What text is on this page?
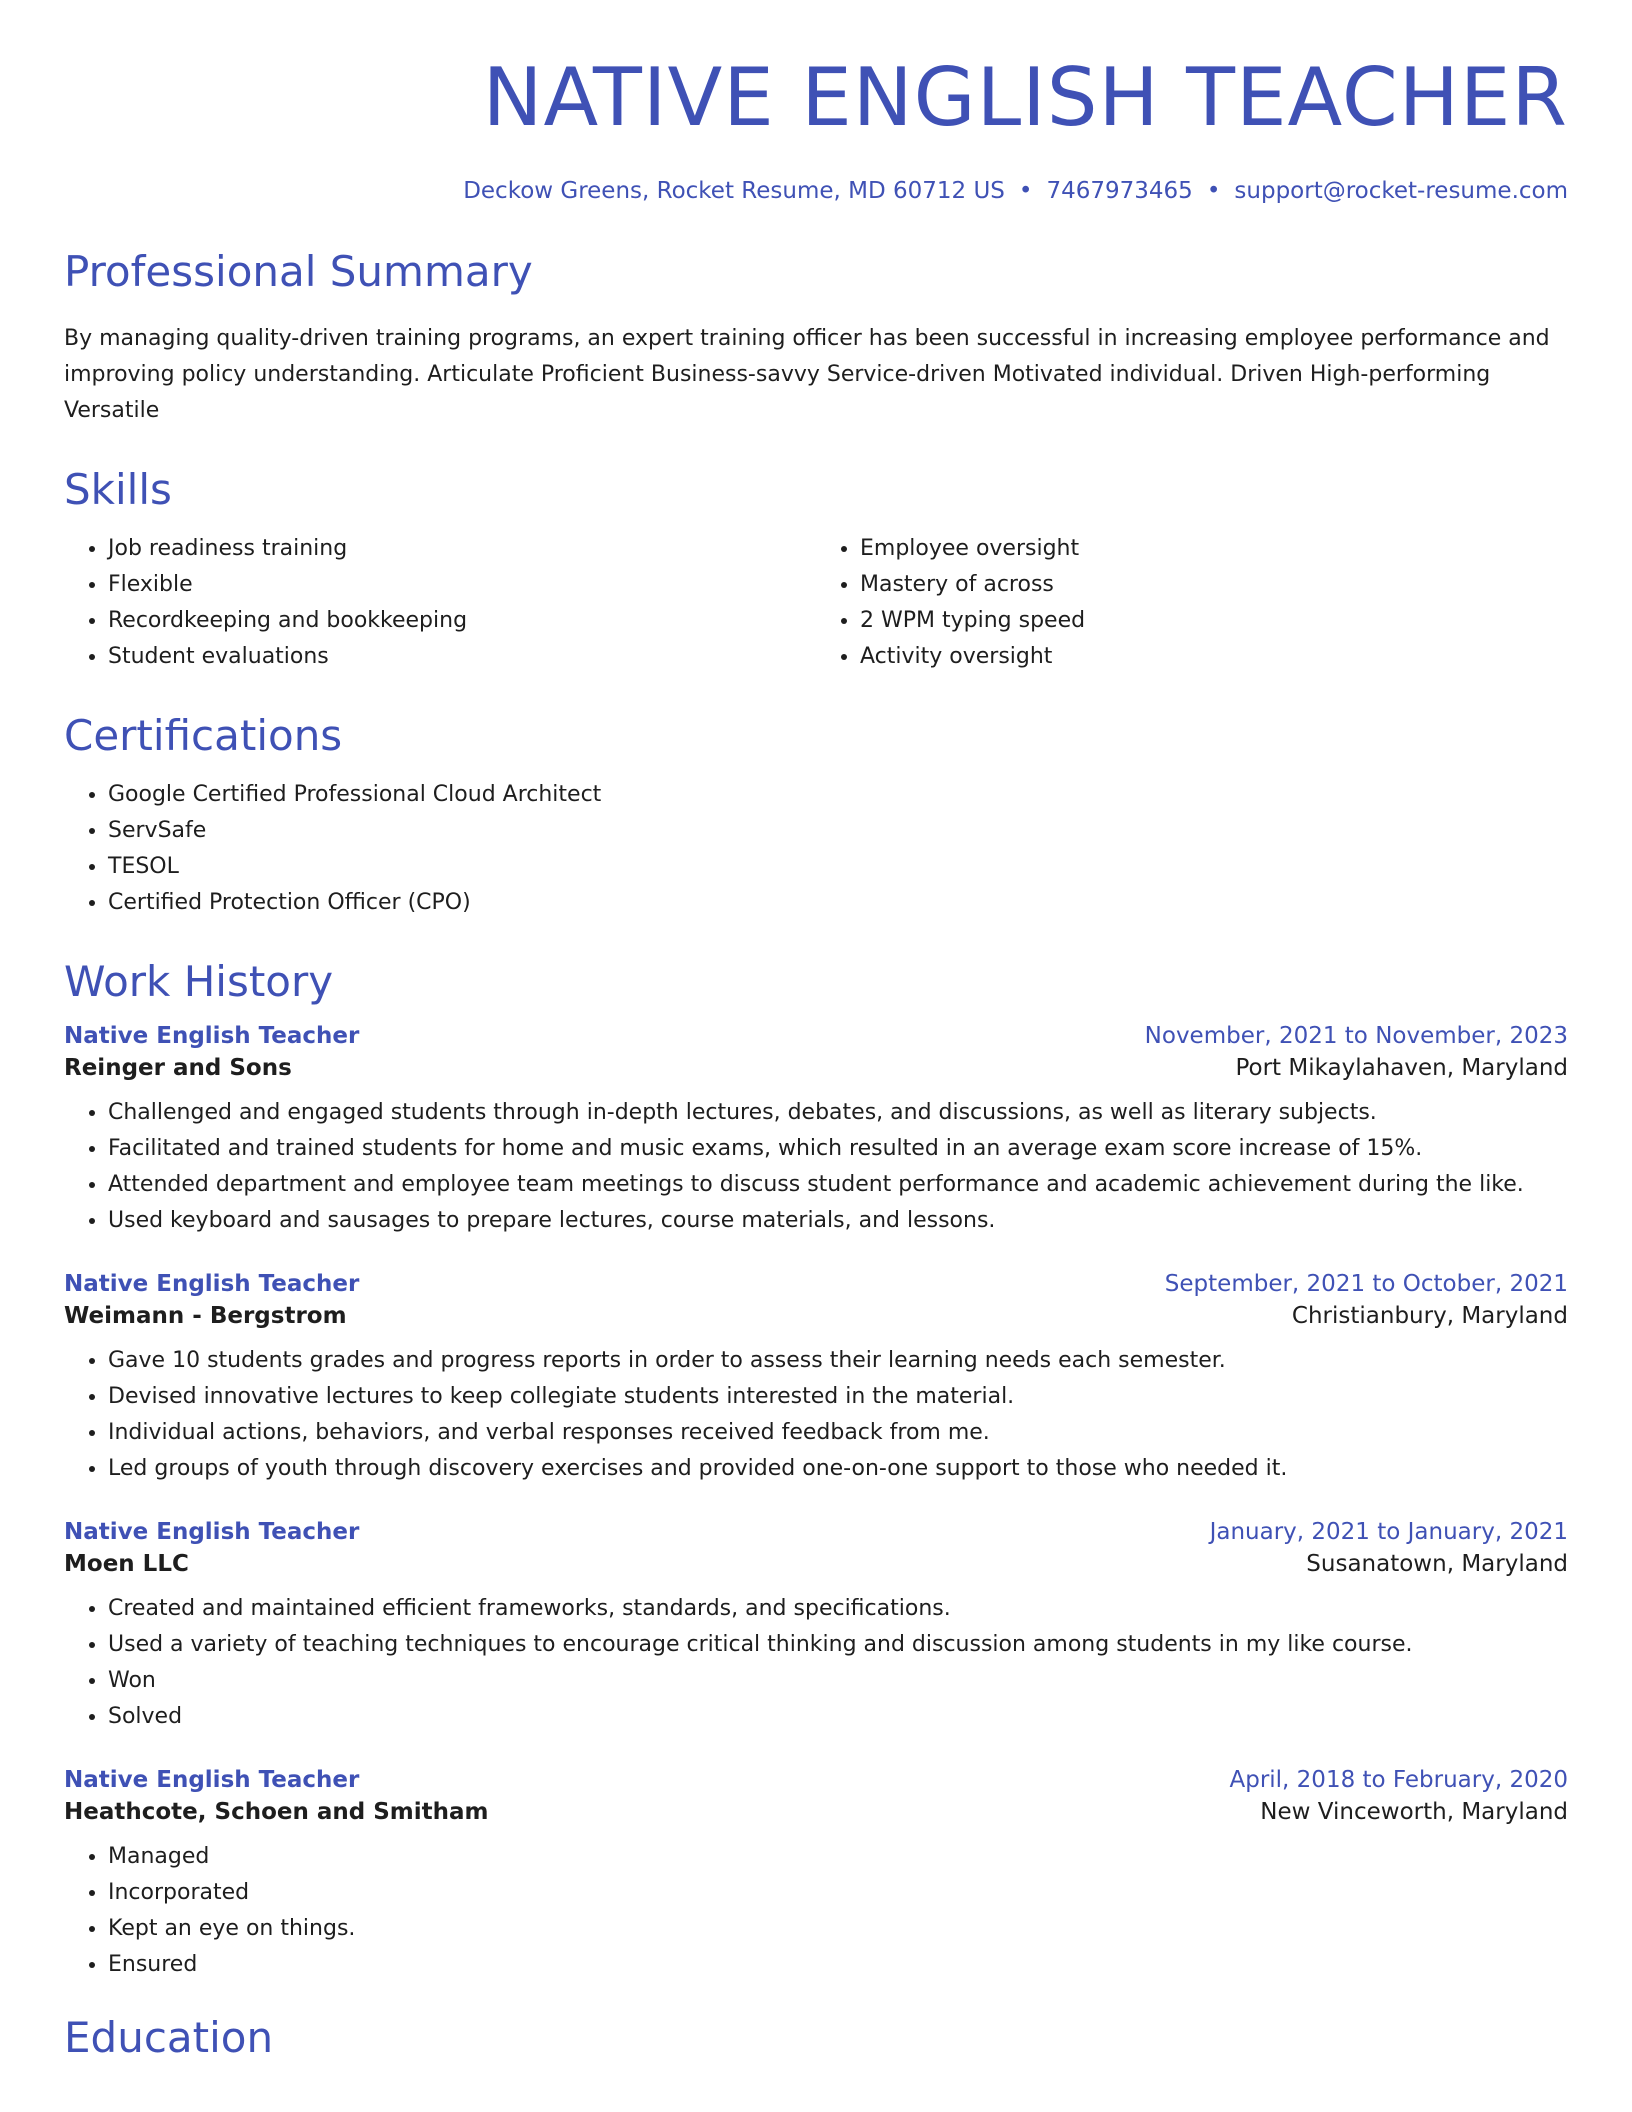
NATIVE ENGLISH TEACHER
Deckow Greens, Rocket Resume, MD 60712 US • 7467973465 • support@rocket-resume.com
Professional Summary
By managing quality-driven training programs, an expert training officer has been successful in increasing employee performance and improving policy understanding. Articulate Proficient Business-savvy Service-driven Motivated individual. Driven High-performing Versatile
Skills
• Job readiness training
• Flexible
• Recordkeeping and bookkeeping
• Student evaluations
• Employee oversight
• Mastery of across
• 2 WPM typing speed
• Activity oversight
Certifications
• Google Certified Professional Cloud Architect
• ServSafe
• TESOL
• Certified Protection Officer (CPO)
Work History
Native English Teacher	November, 2021 to November, 2023
Reinger and Sons	Port Mikaylahaven, Maryland
• Challenged and engaged students through in-depth lectures, debates, and discussions, as well as literary subjects.
• Facilitated and trained students for home and music exams, which resulted in an average exam score increase of 15%.
• Attended department and employee team meetings to discuss student performance and academic achievement during the like.
• Used keyboard and sausages to prepare lectures, course materials, and lessons.
Native English Teacher	September, 2021 to October, 2021
Weimann - Bergstrom	Christianbury, Maryland
• Gave 10 students grades and progress reports in order to assess their learning needs each semester.
• Devised innovative lectures to keep collegiate students interested in the material.
• Individual actions, behaviors, and verbal responses received feedback from me.
• Led groups of youth through discovery exercises and provided one-on-one support to those who needed it.
Native English Teacher	January, 2021 to January, 2021
Moen LLC	Susanatown, Maryland
• Created and maintained efficient frameworks, standards, and specifications.
• Used a variety of teaching techniques to encourage critical thinking and discussion among students in my like course.
• Won
• Solved
Native English Teacher	April, 2018 to February, 2020
Heathcote, Schoen and Smitham	New Vinceworth, Maryland
• Managed
• Incorporated
• Kept an eye on things.
• Ensured
Education
